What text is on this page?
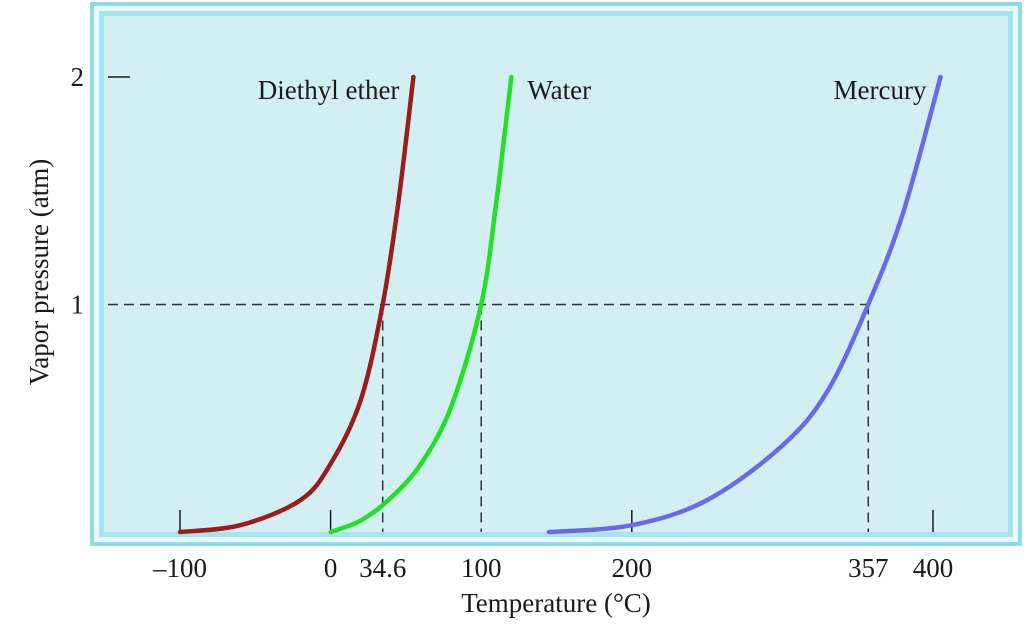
–100	0 34.6 100	200	357 400
1
2	Diethyl ether	Water	Mercury
Temperature (°C)
Vapor pressure (atm)
